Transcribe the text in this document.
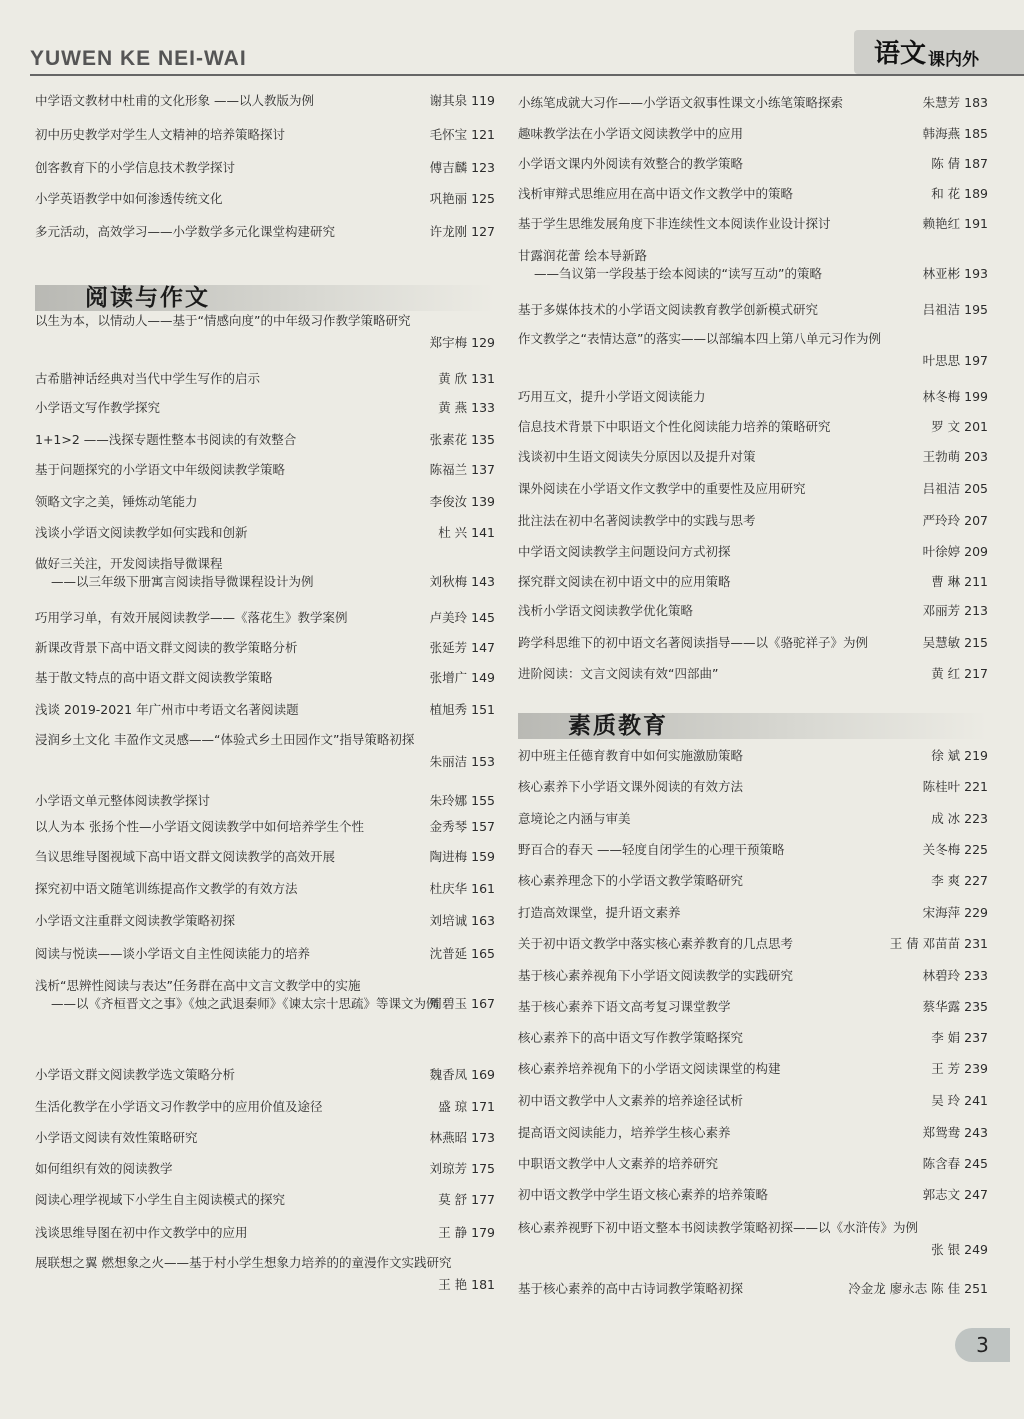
YUWEN KE NEI-WAI	语文 课内外
中学语文教材中杜甫的文化形象 ——以人教版为例	谢其泉 119
初中历史教学对学生人文精神的培养策略探讨	毛怀宝 121
创客教育下的小学信息技术教学探讨	傅吉麟 123
小学英语教学中如何渗透传统文化	巩艳丽 125
多元活动，高效学习——小学数学多元化课堂构建研究	许龙刚 127
阅读与作文
以生为本，以情动人——基于“情感向度”的中年级习作教学策略研究
郑宇梅 129
古希腊神话经典对当代中学生写作的启示	黄 欣 131
小学语文写作教学探究	黄 燕 133
1+1>2 ——浅探专题性整本书阅读的有效整合	张素花 135
基于问题探究的小学语文中年级阅读教学策略	陈福兰 137
领略文字之美，锤炼动笔能力	李俊汝 139
浅谈小学语文阅读教学如何实践和创新	杜 兴 141
做好三关注，开发阅读指导微课程
——以三年级下册寓言阅读指导微课程设计为例	刘秋梅 143
巧用学习单，有效开展阅读教学——《落花生》教学案例	卢美玲 145
新课改背景下高中语文群文阅读的教学策略分析	张延芳 147
基于散文特点的高中语文群文阅读教学策略	张增广 149
浅谈 2019-2021 年广州市中考语文名著阅读题	植旭秀 151
浸润乡土文化 丰盈作文灵感——“体验式乡土田园作文”指导策略初探
朱丽洁 153
小学语文单元整体阅读教学探讨	朱玲娜 155
以人为本 张扬个性—小学语文阅读教学中如何培养学生个性	金秀琴 157
刍议思维导图视域下高中语文群文阅读教学的高效开展	陶进梅 159
探究初中语文随笔训练提高作文教学的有效方法	杜庆华 161
小学语文注重群文阅读教学策略初探	刘培诚 163
阅读与悦读——谈小学语文自主性阅读能力的培养	沈普延 165
浅析“思辨性阅读与表达”任务群在高中文言文教学中的实施
——以《齐桓晋文之事》《烛之武退秦师》《谏太宗十思疏》等课文为例
周碧玉 167
小学语文群文阅读教学选文策略分析	魏香凤 169
生活化教学在小学语文习作教学中的应用价值及途径	盛 琼 171
小学语文阅读有效性策略研究	林燕昭 173
如何组织有效的阅读教学	刘琼芳 175
阅读心理学视域下小学生自主阅读模式的探究	莫 舒 177
浅谈思维导图在初中作文教学中的应用	王 静 179
展联想之翼 燃想象之火——基于村小学生想象力培养的的童漫作文实践研究
王 艳 181
小练笔成就大习作——小学语文叙事性课文小练笔策略探索	朱慧芳 183
趣味教学法在小学语文阅读教学中的应用	韩海燕 185
小学语文课内外阅读有效整合的教学策略	陈 倩 187
浅析审辩式思维应用在高中语文作文教学中的策略	和 花 189
基于学生思维发展角度下非连续性文本阅读作业设计探讨	赖艳红 191
甘露润花蕾 绘本导新路
——刍议第一学段基于绘本阅读的“读写互动”的策略	林亚彬 193
基于多媒体技术的小学语文阅读教育教学创新模式研究	吕祖洁 195
作文教学之“表情达意”的落实——以部编本四上第八单元习作为例
叶思思 197
巧用互文，提升小学语文阅读能力	林冬梅 199
信息技术背景下中职语文个性化阅读能力培养的策略研究	罗 文 201
浅谈初中生语文阅读失分原因以及提升对策	王勃萌 203
课外阅读在小学语文作文教学中的重要性及应用研究	吕祖洁 205
批注法在初中名著阅读教学中的实践与思考	严玲玲 207
中学语文阅读教学主问题设问方式初探	叶徐婷 209
探究群文阅读在初中语文中的应用策略	曹 琳 211
浅析小学语文阅读教学优化策略	邓丽芳 213
跨学科思维下的初中语文名著阅读指导——以《骆驼祥子》为例	吴慧敏 215
进阶阅读：文言文阅读有效“四部曲”	黄 红 217
素质教育
初中班主任德育教育中如何实施激励策略	徐 斌 219
核心素养下小学语文课外阅读的有效方法	陈桂叶 221
意境论之内涵与审美	成 冰 223
野百合的春天 ——轻度自闭学生的心理干预策略	关冬梅 225
核心素养理念下的小学语文教学策略研究	李 爽 227
打造高效课堂，提升语文素养	宋海萍 229
关于初中语文教学中落实核心素养教育的几点思考	王 倩 邓苗苗 231
基于核心素养视角下小学语文阅读教学的实践研究	林碧玲 233
基于核心素养下语文高考复习课堂教学	蔡华露 235
核心素养下的高中语文写作教学策略探究	李 娟 237
核心素养培养视角下的小学语文阅读课堂的构建	王 芳 239
初中语文教学中人文素养的培养途径试析	吴 玲 241
提高语文阅读能力，培养学生核心素养	郑鸳鸯 243
中职语文教学中人文素养的培养研究	陈含春 245
初中语文教学中学生语文核心素养的培养策略	郭志文 247
核心素养视野下初中语文整本书阅读教学策略初探——以《水浒传》为例
张 银 249
基于核心素养的高中古诗词教学策略初探	冷金龙 廖永志 陈 佳 251
3
